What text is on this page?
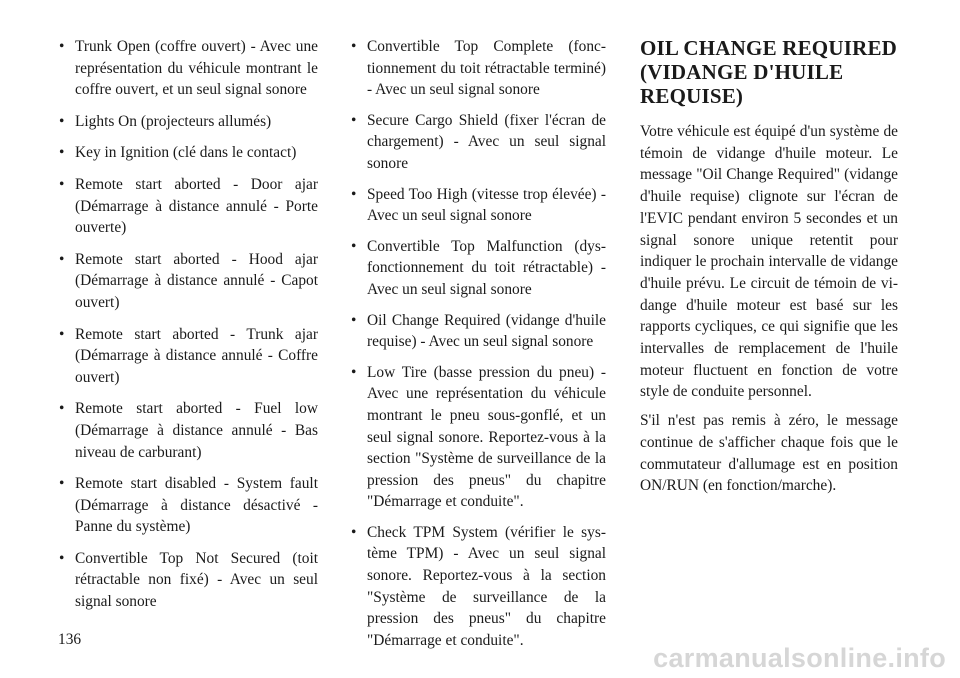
• Trunk Open (coffre ouvert) - Avec une représentation du véhicule montrant le coffre ouvert, et un seul signal sonore
• Lights On (projecteurs allumés)
• Key in Ignition (clé dans le contact)
• Remote start aborted - Door ajar (Démarrage à distance annulé - Porte ouverte)
• Remote start aborted - Hood ajar (Démarrage à distance annulé - Capot ouvert)
• Remote start aborted - Trunk ajar (Démarrage à distance annulé - Coffre ouvert)
• Remote start aborted - Fuel low (Démarrage à distance annulé - Bas niveau de carburant)
• Remote start disabled - System fault (Démarrage à distance désactivé - Panne du système)
• Convertible Top Not Secured (toit rétractable non fixé) - Avec un seul signal sonore
• Convertible Top Complete (fonctionnement du toit rétractable terminé) - Avec un seul signal sonore
• Secure Cargo Shield (fixer l'écran de chargement) - Avec un seul signal sonore
• Speed Too High (vitesse trop élevée) - Avec un seul signal sonore
• Convertible Top Malfunction (dysfonctionnement du toit rétractable) - Avec un seul signal sonore
• Oil Change Required (vidange d'huile requise) - Avec un seul signal sonore
• Low Tire (basse pression du pneu) - Avec une représentation du véhicule montrant le pneu sous-gonflé, et un seul signal sonore. Reportez-vous à la section "Système de surveillance de la pression des pneus" du chapitre "Démarrage et conduite".
• Check TPM System (vérifier le système TPM) - Avec un seul signal sonore. Reportez-vous à la section "Système de surveillance de la pression des pneus" du chapitre "Démarrage et conduite".
OIL CHANGE REQUIRED (VIDANGE D'HUILE REQUISE)

Votre véhicule est équipé d'un système de témoin de vidange d'huile moteur. Le message "Oil Change Required" (vidange d'huile requise) clignote sur l'écran de l'EVIC pendant environ 5 secondes et un signal sonore unique retentit pour indiquer le prochain intervalle de vidange d'huile prévu. Le circuit de témoin de vidange d'huile moteur est basé sur les rapports cycliques, ce qui signifie que les intervalles de remplacement de l'huile moteur fluctuent en fonction de votre style de conduite personnel.

S'il n'est pas remis à zéro, le message continue de s'afficher chaque fois que le commutateur d'allumage est en position ON/RUN (en fonction/marche).

136
carmanualsonline.info
